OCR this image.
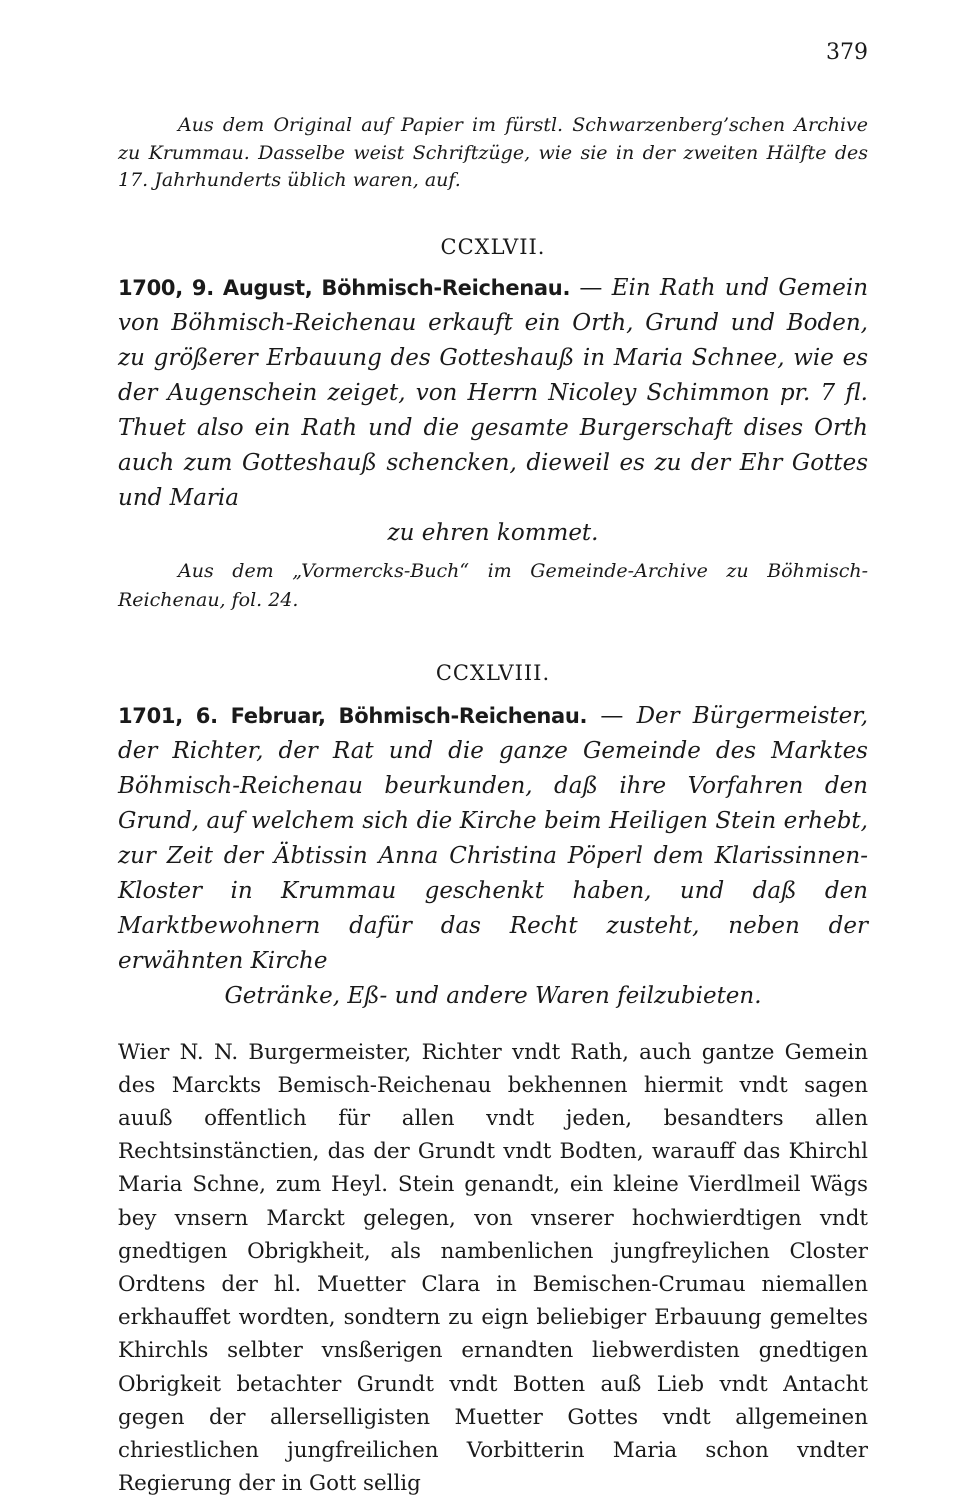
379

Aus dem Original auf Papier im fürstl. Schwarzenberg’schen Archive zu Krummau. Dasselbe weist Schriftzüge, wie sie in der zweiten Hälfte des 17. Jahrhunderts üblich waren, auf.

CCXLVII.

1700, 9. August, Böhmisch-Reichenau. — Ein Rath und Gemein von Böhmisch-Reichenau erkauft ein Orth, Grund und Boden, zu größerer Erbauung des Gotteshauß in Maria Schnee, wie es der Augenschein zeiget, von Herrn Nicoley Schimmon pr. 7 fl. Thuet also ein Rath und die gesamte Burgerschaft dises Orth auch zum Gotteshauß schencken, dieweil es zu der Ehr Gottes und Maria
zu ehren kommet.

Aus dem „Vormercks-Buch“ im Gemeinde-Archive zu Böhmisch-Reichenau, fol. 24.

CCXLVIII.

1701, 6. Februar, Böhmisch-Reichenau. — Der Bürgermeister, der Richter, der Rat und die ganze Gemeinde des Marktes Böhmisch-Reichenau beurkunden, daß ihre Vorfahren den Grund, auf welchem sich die Kirche beim Heiligen Stein erhebt, zur Zeit der Äbtissin Anna Christina Pöperl dem Klarissinnen-Kloster in Krummau geschenkt haben, und daß den Marktbewohnern dafür das Recht zusteht, neben der erwähnten Kirche
Getränke, Eß- und andere Waren feilzubieten.

Wier N. N. Burgermeister, Richter vndt Rath, auch gantze Gemein des Marckts Bemisch-Reichenau bekhennen hiermit vndt sagen auuß offentlich für allen vndt jeden, besandters allen Rechtsinstänctien, das der Grundt vndt Bodten, warauff das Khirchl Maria Schne, zum Heyl. Stein genandt, ein kleine Vierdlmeil Wägs bey vnsern Marckt gelegen, von vnserer hochwierdtigen vndt gnedtigen Obrigkheit, als nambenlichen jungfreylichen Closter Ordtens der hl. Muetter Clara in Bemischen-Crumau niemallen erkhauffet wordten, sondtern zu eign beliebiger Erbauung gemeltes Khirchls selbter vnsßerigen ernandten liebwerdisten gnedtigen Obrigkeit betachter Grundt vndt Botten auß Lieb vndt Antacht gegen der allerselligisten Muetter Gottes vndt allgemeinen chriestlichen jungfreilichen Vorbitterin Maria schon vndter Regierung der in Gott sellig
